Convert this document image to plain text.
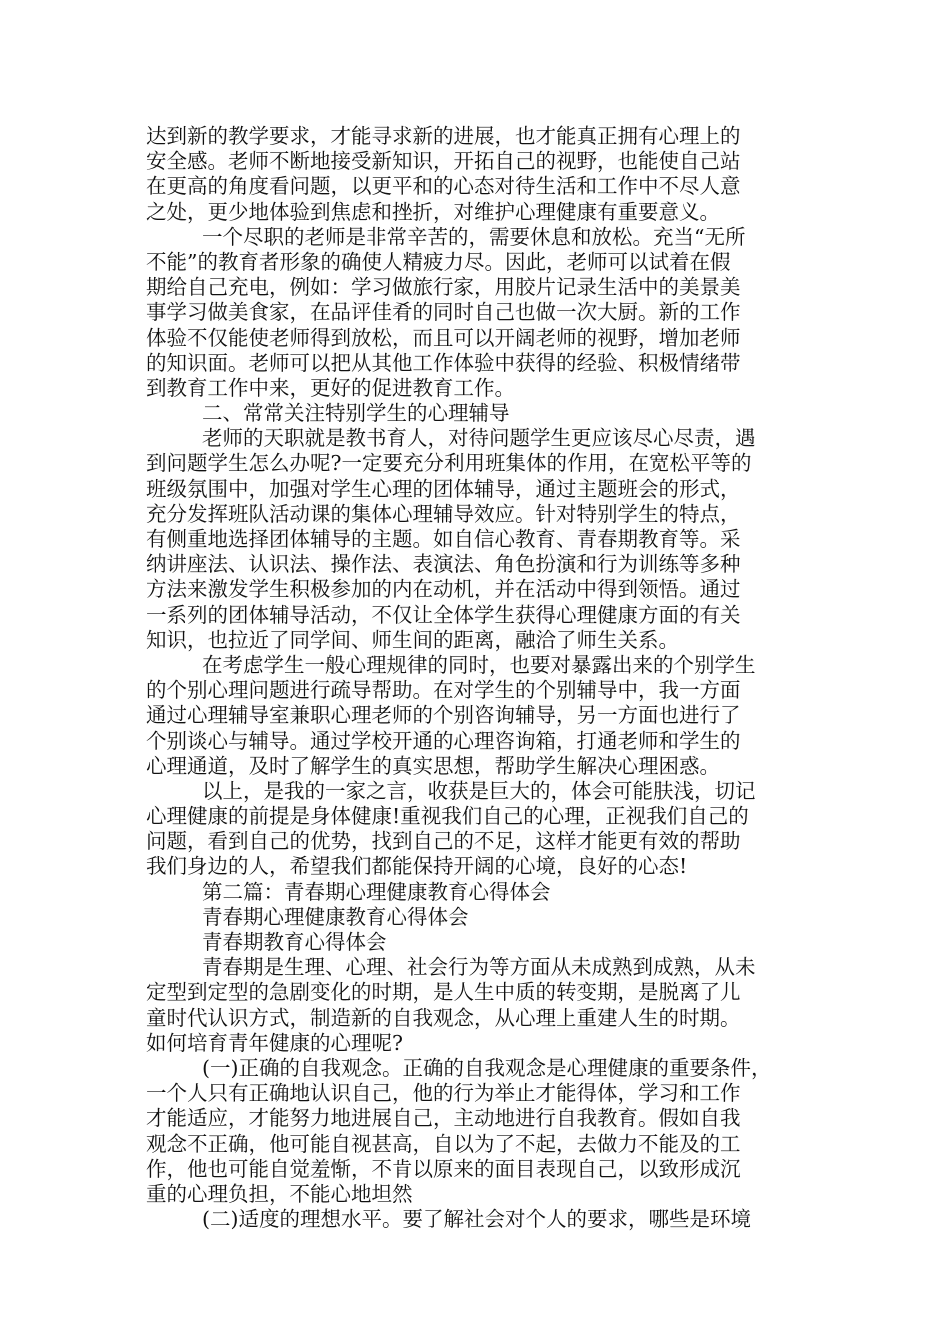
达到新的教学要求，才能寻求新的进展，也才能真正拥有心理上的
安全感。老师不断地接受新知识，开拓自己的视野，也能使自己站
在更高的角度看问题，以更平和的心态对待生活和工作中不尽人意
之处，更少地体验到焦虑和挫折，对维护心理健康有重要意义。
一个尽职的老师是非常辛苦的，需要休息和放松。充当“无所
不能”的教育者形象的确使人精疲力尽。因此，老师可以试着在假
期给自己充电，例如：学习做旅行家，用胶片记录生活中的美景美
事学习做美食家，在品评佳肴的同时自己也做一次大厨。新的工作
体验不仅能使老师得到放松，而且可以开阔老师的视野，增加老师
的知识面。老师可以把从其他工作体验中获得的经验、积极情绪带
到教育工作中来，更好的促进教育工作。
二、常常关注特别学生的心理辅导
老师的天职就是教书育人，对待问题学生更应该尽心尽责，遇
到问题学生怎么办呢?一定要充分利用班集体的作用，在宽松平等的
班级氛围中，加强对学生心理的团体辅导，通过主题班会的形式，
充分发挥班队活动课的集体心理辅导效应。针对特别学生的特点，
有侧重地选择团体辅导的主题。如自信心教育、青春期教育等。采
纳讲座法、认识法、操作法、表演法、角色扮演和行为训练等多种
方法来激发学生积极参加的内在动机，并在活动中得到领悟。通过
一系列的团体辅导活动，不仅让全体学生获得心理健康方面的有关
知识，也拉近了同学间、师生间的距离，融洽了师生关系。
在考虑学生一般心理规律的同时，也要对暴露出来的个别学生
的个别心理问题进行疏导帮助。在对学生的个别辅导中，我一方面
通过心理辅导室兼职心理老师的个别咨询辅导，另一方面也进行了
个别谈心与辅导。通过学校开通的心理咨询箱，打通老师和学生的
心理通道，及时了解学生的真实思想，帮助学生解决心理困惑。
以上，是我的一家之言，收获是巨大的，体会可能肤浅，切记
心理健康的前提是身体健康!重视我们自己的心理，正视我们自己的
问题，看到自己的优势，找到自己的不足，这样才能更有效的帮助
我们身边的人，希望我们都能保持开阔的心境，良好的心态!
第二篇：青春期心理健康教育心得体会
青春期心理健康教育心得体会
青春期教育心得体会
青春期是生理、心理、社会行为等方面从未成熟到成熟，从未
定型到定型的急剧变化的时期，是人生中质的转变期，是脱离了儿
童时代认识方式，制造新的自我观念，从心理上重建人生的时期。
如何培育青年健康的心理呢?
(一)正确的自我观念。正确的自我观念是心理健康的重要条件，
一个人只有正确地认识自己，他的行为举止才能得体，学习和工作
才能适应，才能努力地进展自己，主动地进行自我教育。假如自我
观念不正确，他可能自视甚高，自以为了不起，去做力不能及的工
作，他也可能自觉羞惭，不肯以原来的面目表现自己，以致形成沉
重的心理负担，不能心地坦然
(二)适度的理想水平。要了解社会对个人的要求，哪些是环境
